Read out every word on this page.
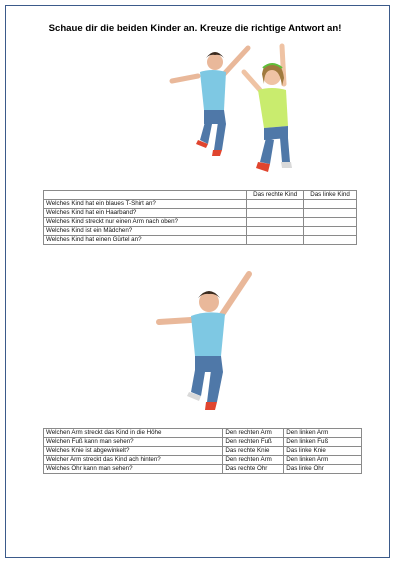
Schaue dir die beiden Kinder an. Kreuze die richtige Antwort an!
	Das rechte Kind	Das linke Kind
Welches Kind hat ein blaues T-Shirt an?		
Welches Kind hat ein Haarband?		
Welches Kind streckt nur einen Arm nach oben?		
Welches Kind ist ein Mädchen?		
Welches Kind hat einen Gürtel an?		
Welchen Arm streckt das Kind in die Höhe	Den rechten Arm	Den linken Arm
Welchen Fuß kann man sehen?	Den rechten Fuß	Den linken Fuß
Welches Knie ist abgewinkelt?	Das rechte Knie	Das linke Knie
Welcher Arm streckt das Kind ach hinten?	Den rechten Arm	Den linken Arm
Welches Ohr kann man sehen?	Das rechte Ohr	Das linke Ohr
